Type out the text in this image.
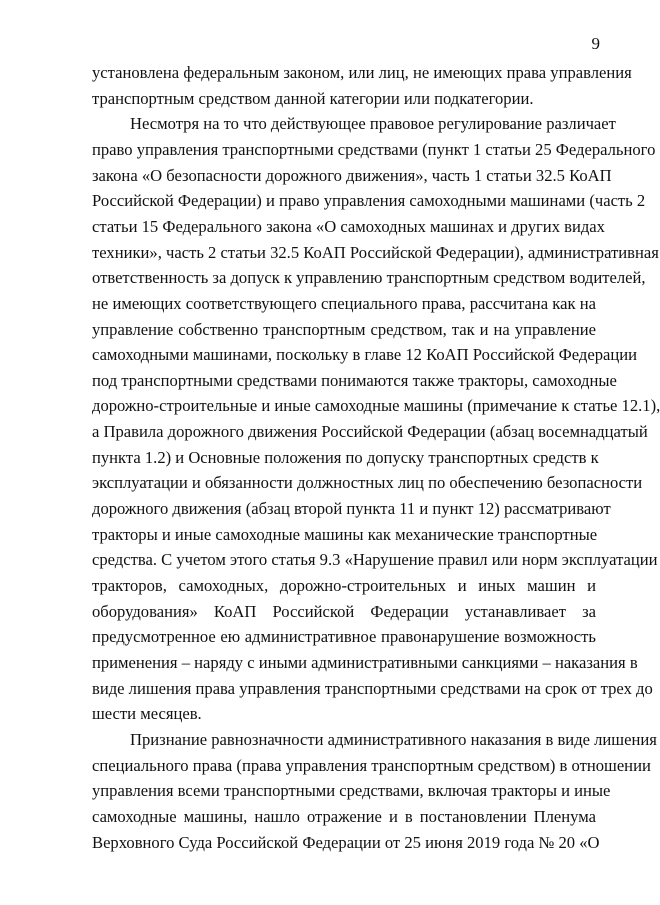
9
установлена федеральным законом, или лиц, не имеющих права управления
транспортным средством данной категории или подкатегории.
Несмотря на то что действующее правовое регулирование различает
право управления транспортными средствами (пункт 1 статьи 25 Федерального
закона «О безопасности дорожного движения», часть 1 статьи 32.5 КоАП
Российской Федерации) и право управления самоходными машинами (часть 2
статьи 15 Федерального закона «О самоходных машинах и других видах
техники», часть 2 статьи 32.5 КоАП Российской Федерации), административная
ответственность за допуск к управлению транспортным средством водителей,
не имеющих соответствующего специального права, рассчитана как на
управление собственно транспортным средством, так и на управление
самоходными машинами, поскольку в главе 12 КоАП Российской Федерации
под транспортными средствами понимаются также тракторы, самоходные
дорожно-строительные и иные самоходные машины (примечание к статье 12.1),
а Правила дорожного движения Российской Федерации (абзац восемнадцатый
пункта 1.2) и Основные положения по допуску транспортных средств к
эксплуатации и обязанности должностных лиц по обеспечению безопасности
дорожного движения (абзац второй пункта 11 и пункт 12) рассматривают
тракторы и иные самоходные машины как механические транспортные
средства. С учетом этого статья 9.3 «Нарушение правил или норм эксплуатации
тракторов, самоходных, дорожно-строительных и иных машин и
оборудования» КоАП Российской Федерации устанавливает за
предусмотренное ею административное правонарушение возможность
применения – наряду с иными административными санкциями – наказания в
виде лишения права управления транспортными средствами на срок от трех до
шести месяцев.
Признание равнозначности административного наказания в виде лишения
специального права (права управления транспортным средством) в отношении
управления всеми транспортными средствами, включая тракторы и иные
самоходные машины, нашло отражение и в постановлении Пленума
Верховного Суда Российской Федерации от 25 июня 2019 года № 20 «О
